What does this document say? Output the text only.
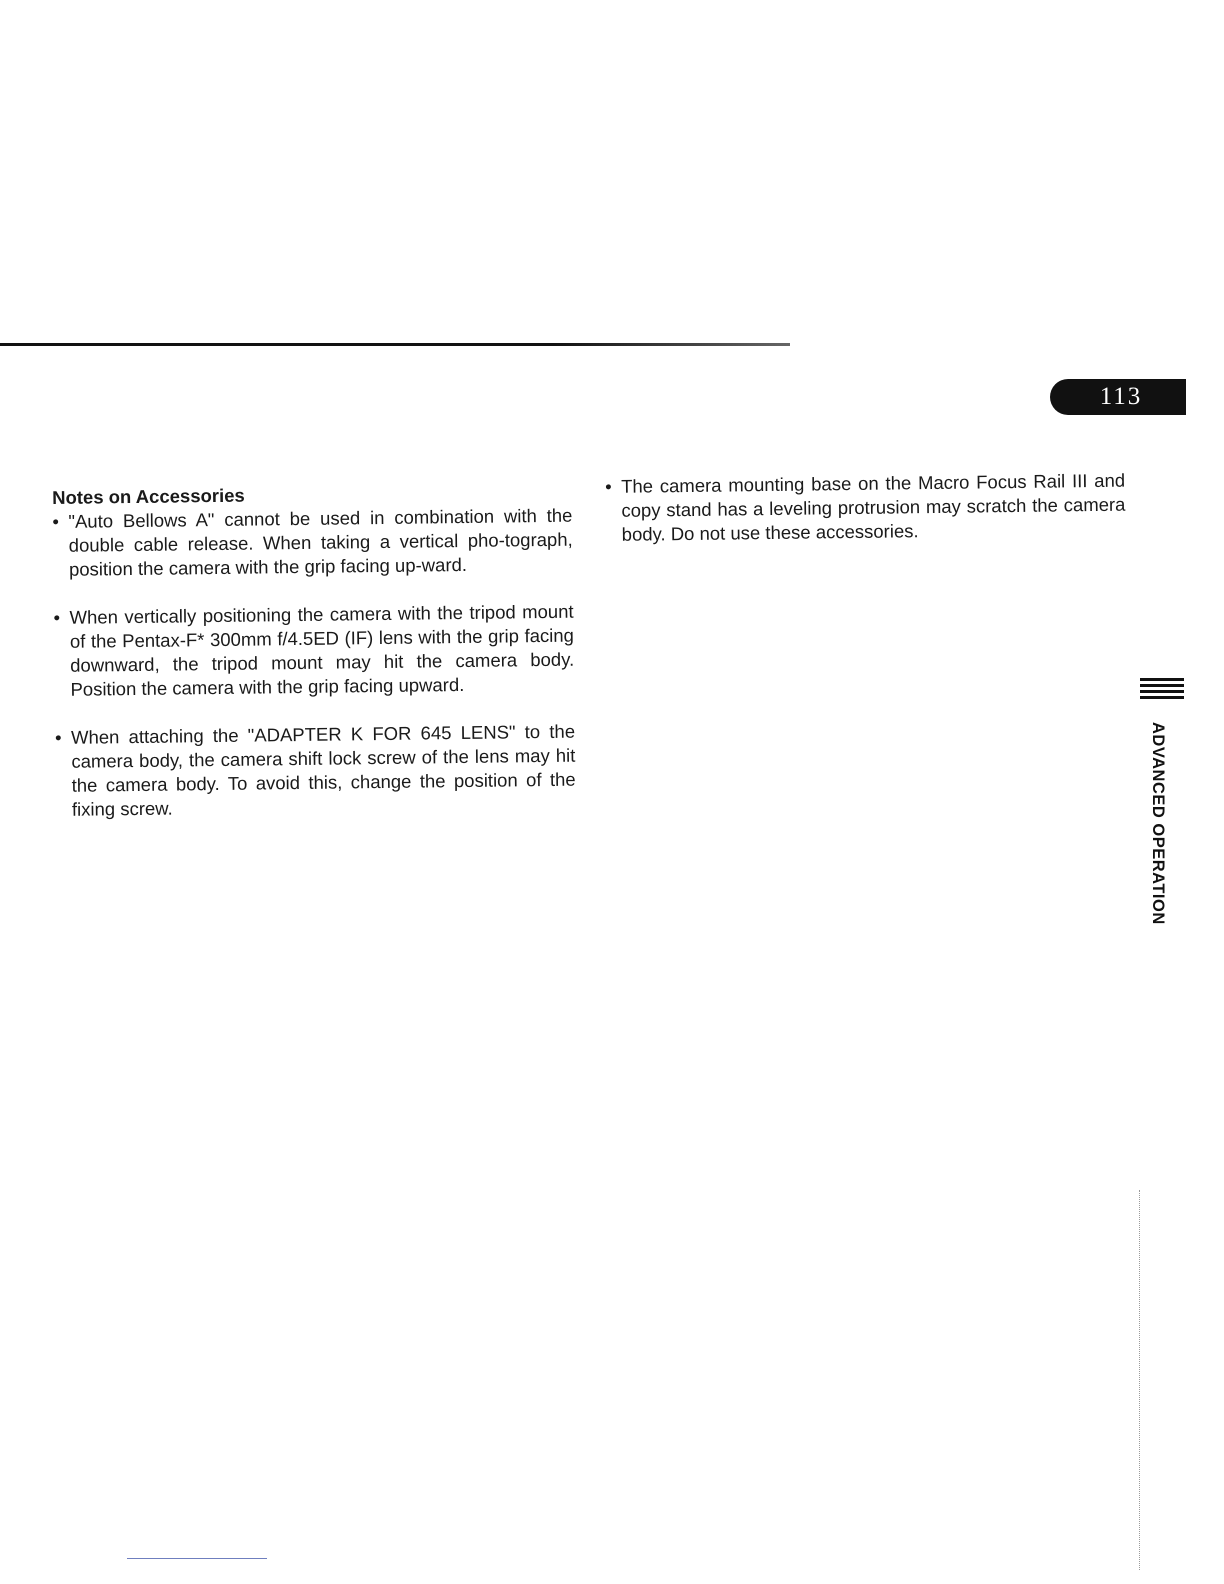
113

Notes on Accessories

• "Auto Bellows A" cannot be used in combination with the double cable release. When taking a vertical pho-tograph, position the camera with the grip facing up-ward.
• When vertically positioning the camera with the tripod mount of the Pentax-F* 300mm f/4.5ED (IF) lens with the grip facing downward, the tripod mount may hit the camera body. Position the camera with the grip facing upward.
• When attaching the "ADAPTER K FOR 645 LENS" to the camera body, the camera shift lock screw of the lens may hit the camera body. To avoid this, change the position of the fixing screw.
• The camera mounting base on the Macro Focus Rail III and copy stand has a leveling protrusion may scratch the camera body. Do not use these accessories.
ADVANCED OPERATION
